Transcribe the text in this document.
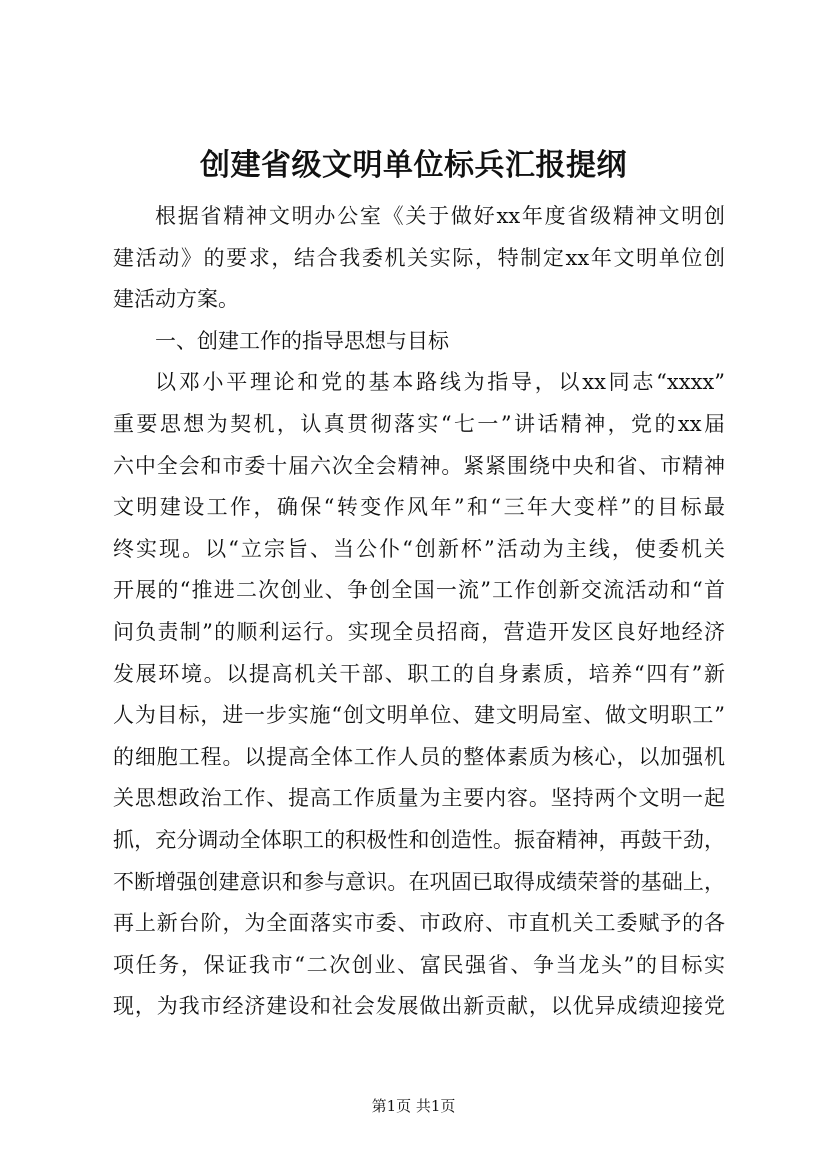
创建省级文明单位标兵汇报提纲
根据省精神文明办公室《关于做好xx年度省级精神文明创
建活动》的要求，结合我委机关实际，特制定xx年文明单位创
建活动方案。
一、创建工作的指导思想与目标
以邓小平理论和党的基本路线为指导，以xx同志“xxxx”
重要思想为契机，认真贯彻落实“七一”讲话精神，党的xx届
六中全会和市委十届六次全会精神。紧紧围绕中央和省、市精神
文明建设工作，确保“转变作风年”和“三年大变样”的目标最
终实现。以“立宗旨、当公仆“创新杯”活动为主线，使委机关
开展的“推进二次创业、争创全国一流”工作创新交流活动和“首
问负责制”的顺利运行。实现全员招商，营造开发区良好地经济
发展环境。以提高机关干部、职工的自身素质，培养“四有”新
人为目标，进一步实施“创文明单位、建文明局室、做文明职工”
的细胞工程。以提高全体工作人员的整体素质为核心，以加强机
关思想政治工作、提高工作质量为主要内容。坚持两个文明一起
抓，充分调动全体职工的积极性和创造性。振奋精神，再鼓干劲，
不断增强创建意识和参与意识。在巩固已取得成绩荣誉的基础上，
再上新台阶，为全面落实市委、市政府、市直机关工委赋予的各
项任务，保证我市“二次创业、富民强省、争当龙头”的目标实
现，为我市经济建设和社会发展做出新贡献，以优异成绩迎接党
第1页 共1页
